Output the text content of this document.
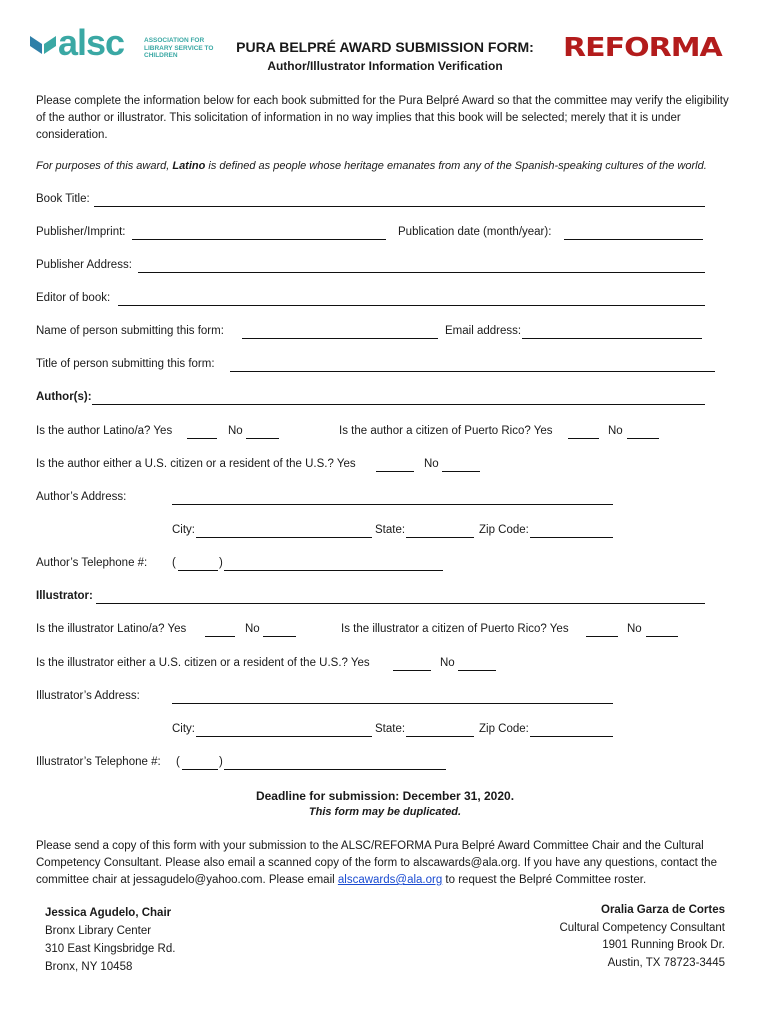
alsc	ASSOCIATION FOR LIBRARY SERVICE TO CHILDREN	REFORMA
PURA BELPRÉ AWARD SUBMISSION FORM:
Author/Illustrator Information Verification
Please complete the information below for each book submitted for the Pura Belpré Award so that the committee may verify the eligibility of the author or illustrator. This solicitation of information in no way implies that this book will be selected; merely that it is under consideration.
For purposes of this award, Latino is defined as people whose heritage emanates from any of the Spanish-speaking cultures of the world.
Book Title:
Publisher/Imprint:	Publication date (month/year):
Publisher Address:
Editor of book:
Name of person submitting this form:	Email address:
Title of person submitting this form:
Author(s):
Is the author Latino/a? Yes	No	Is the author a citizen of Puerto Rico? Yes	No
Is the author either a U.S. citizen or a resident of the U.S.? Yes	No
Author’s Address:
City:	State:	Zip Code:
Author’s Telephone #: (	)
Illustrator:
Is the illustrator Latino/a? Yes	No	Is the illustrator a citizen of Puerto Rico? Yes	No
Is the illustrator either a U.S. citizen or a resident of the U.S.? Yes	No
Illustrator’s Address:
City:	State:	Zip Code:
Illustrator’s Telephone #: (	)
Deadline for submission: December 31, 2020.
This form may be duplicated.
Please send a copy of this form with your submission to the ALSC/REFORMA Pura Belpré Award Committee Chair and the Cultural Competency Consultant. Please also email a scanned copy of the form to alscawards@ala.org. If you have any questions, contact the committee chair at jessagudelo@yahoo.com. Please email alscawards@ala.org to request the Belpré Committee roster.
Jessica Agudelo, Chair
Bronx Library Center
310 East Kingsbridge Rd.
Bronx, NY 10458
Oralia Garza de Cortes
Cultural Competency Consultant
1901 Running Brook Dr.
Austin, TX 78723-3445
